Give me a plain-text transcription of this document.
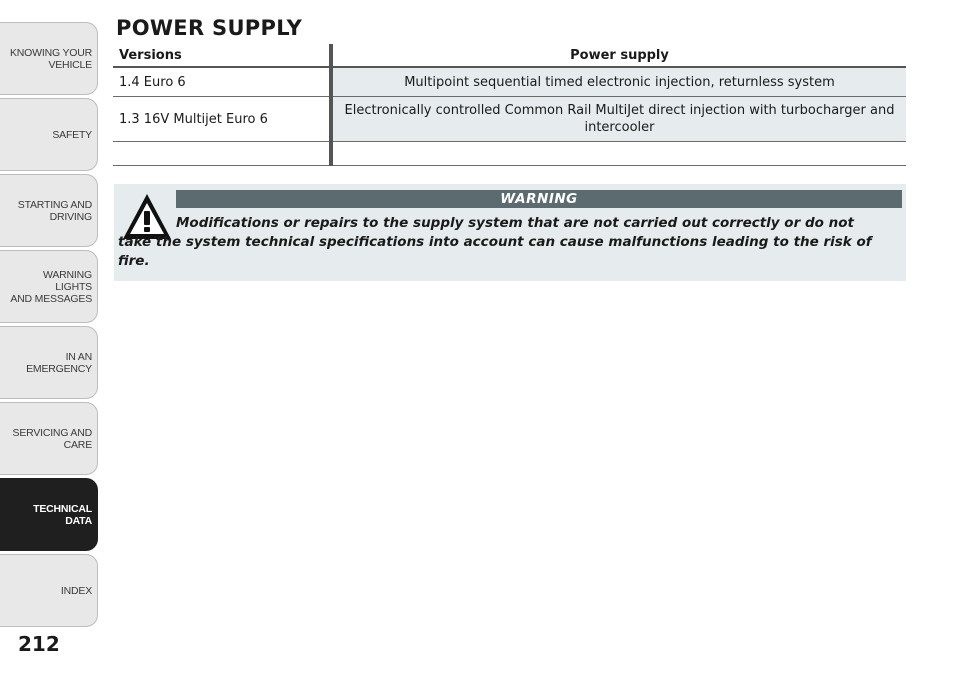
KNOWING YOUR
VEHICLE
SAFETY
STARTING AND
DRIVING
WARNING LIGHTS
AND MESSAGES
IN AN EMERGENCY
SERVICING AND
CARE
TECHNICAL DATA
INDEX
212
POWER SUPPLY
Versions	Power supply
1.4 Euro 6	Multipoint sequential timed electronic injection, returnless system
1.3 16V Multijet Euro 6	Electronically controlled Common Rail MultiJet direct injection with turbocharger and intercooler

WARNING
Modifications or repairs to the supply system that are not carried out correctly or do not take the system technical specifications into account can cause malfunctions leading to the risk of fire.
